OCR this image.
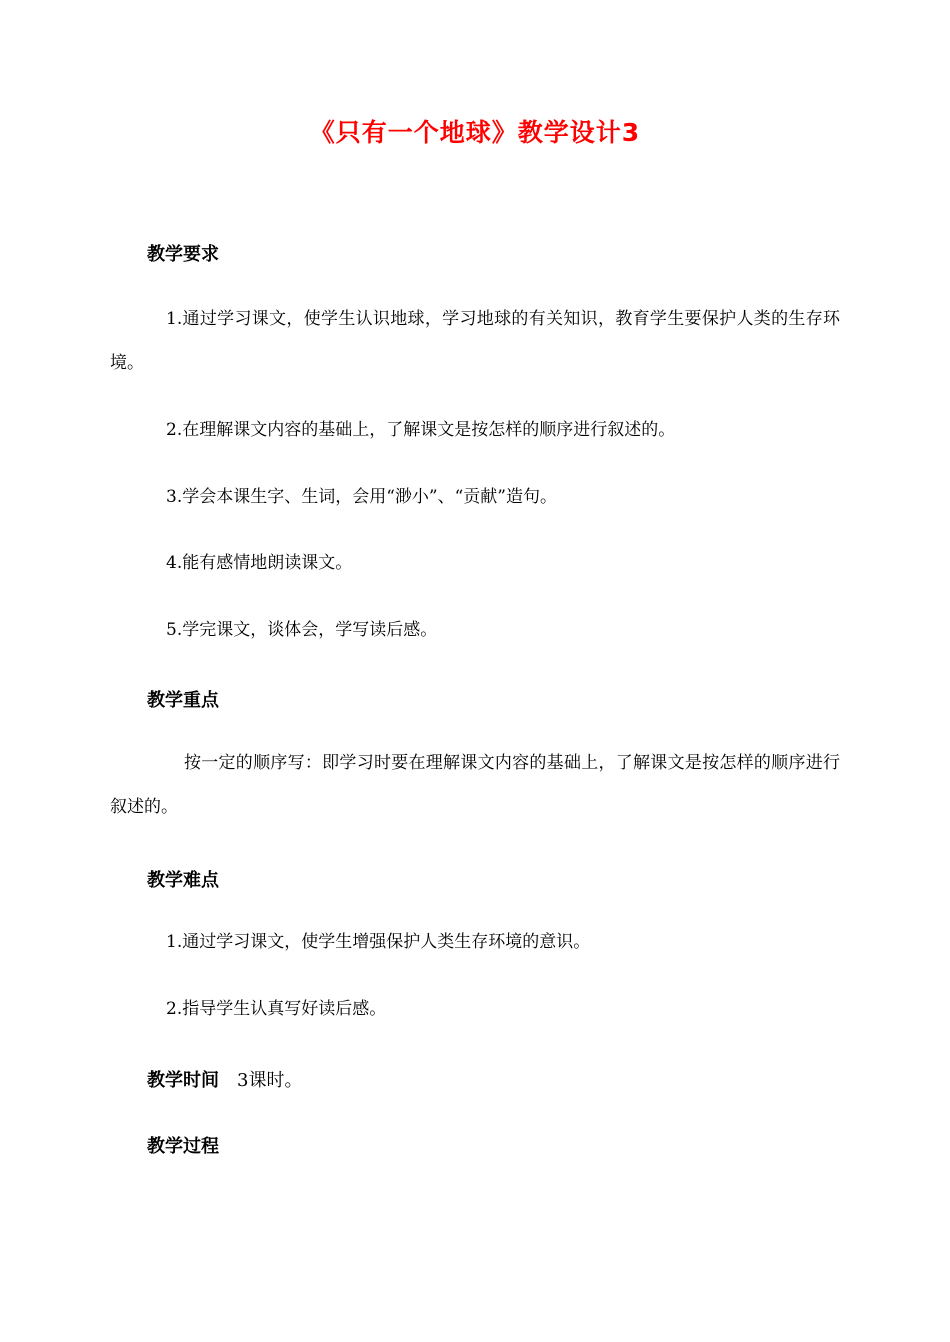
《只有一个地球》教学设计3
教学要求
1.通过学习课文，使学生认识地球，学习地球的有关知识，教育学生要保护人类的生存环境。
2.在理解课文内容的基础上，了解课文是按怎样的顺序进行叙述的。
3.学会本课生字、生词，会用“渺小”、“贡献”造句。
4.能有感情地朗读课文。
5.学完课文，谈体会，学写读后感。
教学重点
按一定的顺序写：即学习时要在理解课文内容的基础上，了解课文是按怎样的顺序进行叙述的。
教学难点
1.通过学习课文，使学生增强保护人类生存环境的意识。
2.指导学生认真写好读后感。
教学时间 3课时。
教学过程
